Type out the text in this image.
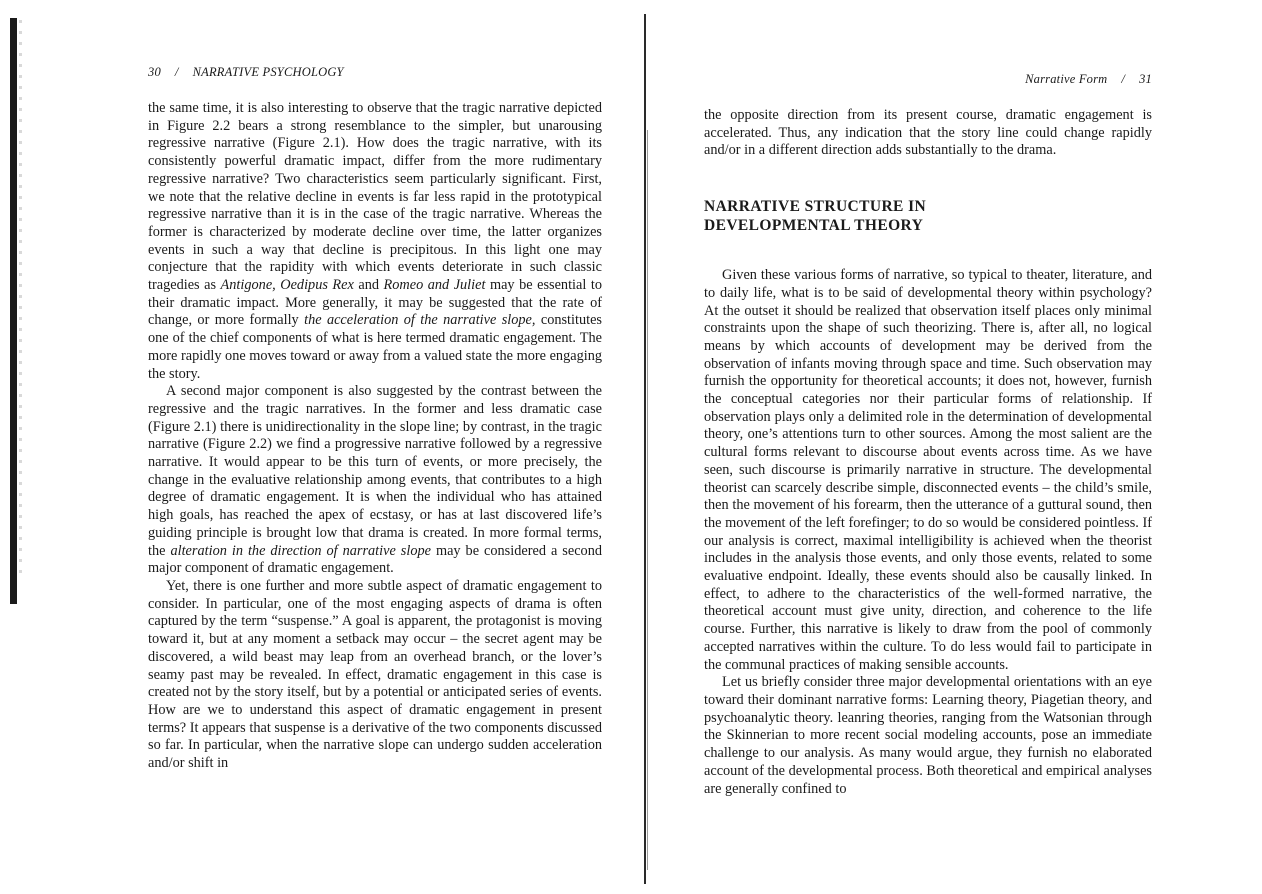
30 / NARRATIVE PSYCHOLOGY	Narrative Form / 31

the same time, it is also interesting to observe that the tragic narrative depicted in Figure 2.2 bears a strong resemblance to the simpler, but unarousing regressive narrative (Figure 2.1). How does the tragic narrative, with its consistently powerful dramatic impact, differ from the more rudimentary regressive narrative? Two characteristics seem particularly significant. First, we note that the relative decline in events is far less rapid in the prototypical regressive narrative than it is in the case of the tragic narrative. Whereas the former is characterized by moderate decline over time, the latter organizes events in such a way that decline is precipitous. In this light one may conjecture that the rapidity with which events deteriorate in such classic tragedies as Antigone, Oedipus Rex and Romeo and Juliet may be essential to their dramatic impact. More generally, it may be suggested that the rate of change, or more formally the acceleration of the narrative slope, constitutes one of the chief components of what is here termed dramatic engagement. The more rapidly one moves toward or away from a valued state the more engaging the story.

A second major component is also suggested by the contrast between the regressive and the tragic narratives. In the former and less dramatic case (Figure 2.1) there is unidirectionality in the slope line; by contrast, in the tragic narrative (Figure 2.2) we find a progressive narrative followed by a regressive narrative. It would appear to be this turn of events, or more precisely, the change in the evaluative relationship among events, that contributes to a high degree of dramatic engagement. It is when the individual who has attained high goals, has reached the apex of ecstasy, or has at last discovered life’s guiding principle is brought low that drama is created. In more formal terms, the alteration in the direction of narrative slope may be considered a second major component of dramatic engagement.

Yet, there is one further and more subtle aspect of dramatic engagement to consider. In particular, one of the most engaging aspects of drama is often captured by the term “suspense.” A goal is apparent, the protagonist is moving toward it, but at any moment a setback may occur – the secret agent may be discovered, a wild beast may leap from an overhead branch, or the lover’s seamy past may be revealed. In effect, dramatic engagement in this case is created not by the story itself, but by a potential or anticipated series of events. How are we to understand this aspect of dramatic engagement in present terms? It appears that suspense is a derivative of the two components discussed so far. In particular, when the narrative slope can undergo sudden acceleration and/or shift in

the opposite direction from its present course, dramatic engagement is accelerated. Thus, any indication that the story line could change rapidly and/or in a different direction adds substantially to the drama.

NARRATIVE STRUCTURE IN
DEVELOPMENTAL THEORY

Given these various forms of narrative, so typical to theater, literature, and to daily life, what is to be said of developmental theory within psychology? At the outset it should be realized that observation itself places only minimal constraints upon the shape of such theorizing. There is, after all, no logical means by which accounts of development may be derived from the observation of infants moving through space and time. Such observation may furnish the opportunity for theoretical accounts; it does not, however, furnish the conceptual categories nor their particular forms of relationship. If observation plays only a delimited role in the determination of developmental theory, one’s attentions turn to other sources. Among the most salient are the cultural forms relevant to discourse about events across time. As we have seen, such discourse is primarily narrative in structure. The developmental theorist can scarcely describe simple, disconnected events – the child’s smile, then the movement of his forearm, then the utterance of a guttural sound, then the movement of the left forefinger; to do so would be considered pointless. If our analysis is correct, maximal intelligibility is achieved when the theorist includes in the analysis those events, and only those events, related to some evaluative endpoint. Ideally, these events should also be causally linked. In effect, to adhere to the characteristics of the well-formed narrative, the theoretical account must give unity, direction, and coherence to the life course. Further, this narrative is likely to draw from the pool of commonly accepted narratives within the culture. To do less would fail to participate in the communal practices of making sensible accounts.

Let us briefly consider three major developmental orientations with an eye toward their dominant narrative forms: Learning theory, Piagetian theory, and psychoanalytic theory. leanring theories, ranging from the Watsonian through the Skinnerian to more recent social modeling accounts, pose an immediate challenge to our analysis. As many would argue, they furnish no elaborated account of the developmental process. Both theoretical and empirical analyses are generally confined to
